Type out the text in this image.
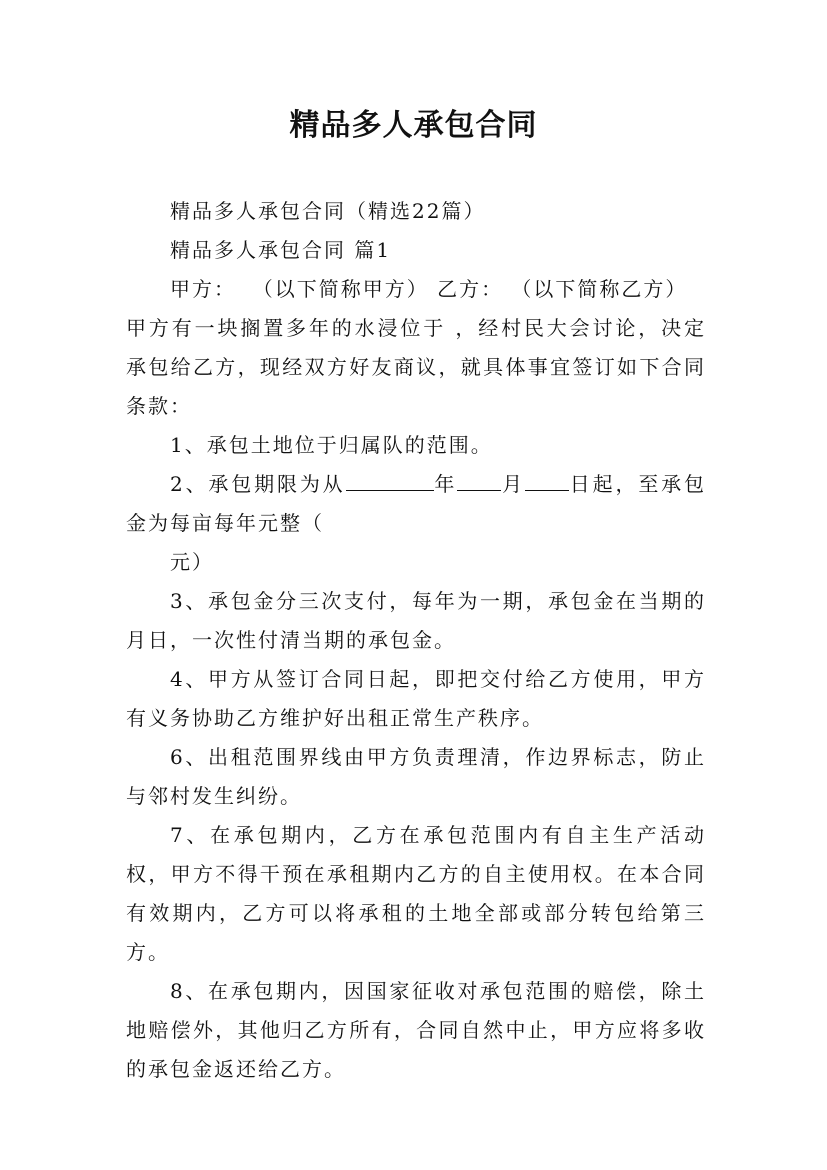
精品多人承包合同

精品多人承包合同（精选22篇）

精品多人承包合同 篇1

甲方：  （以下简称甲方） 乙方： （以下简称乙方）

甲方有一块搁置多年的水浸位于 ，经村民大会讨论，决定承包给乙方，现经双方好友商议，就具体事宜签订如下合同条款：

1、承包土地位于归属队的范围。

2、承包期限为从	年 月 日起，至承包金为每亩每年元整（

元）

3、承包金分三次支付，每年为一期，承包金在当期的月日，一次性付清当期的承包金。

4、甲方从签订合同日起，即把交付给乙方使用，甲方有义务协助乙方维护好出租正常生产秩序。

6、出租范围界线由甲方负责理清，作边界标志，防止与邻村发生纠纷。

7、在承包期内，乙方在承包范围内有自主生产活动权，甲方不得干预在承租期内乙方的自主使用权。在本合同有效期内，乙方可以将承租的土地全部或部分转包给第三方。

8、在承包期内，因国家征收对承包范围的赔偿，除土地赔偿外，其他归乙方所有，合同自然中止，甲方应将多收的承包金返还给乙方。
